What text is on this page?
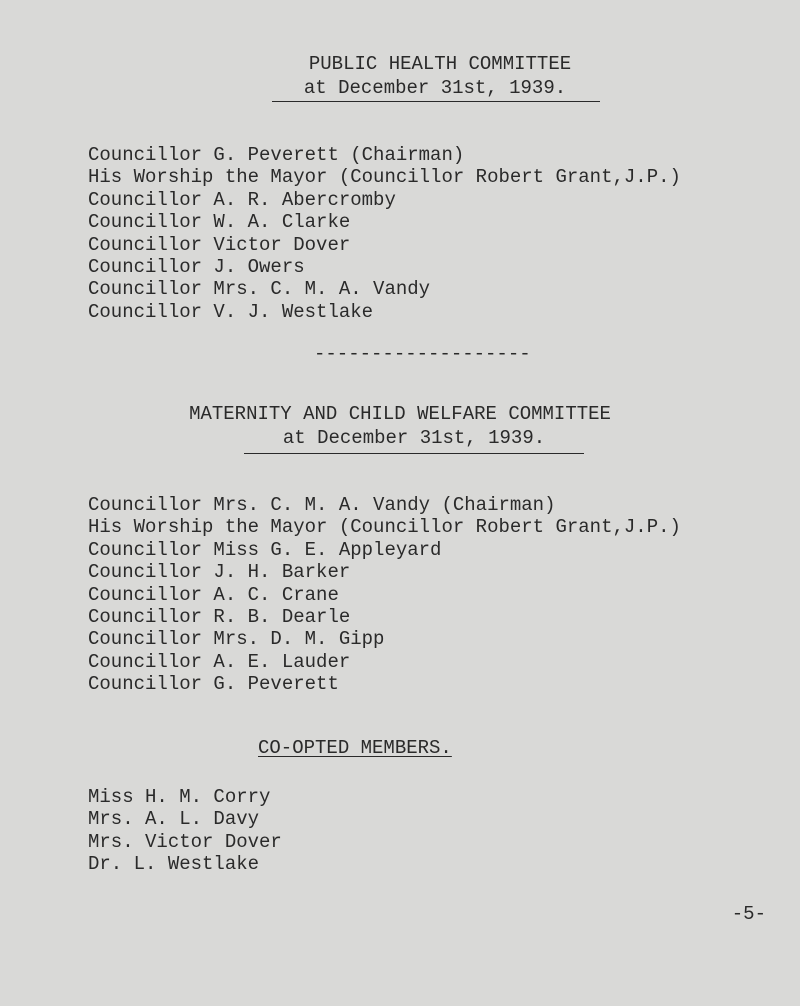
PUBLIC HEALTH COMMITTEE
at December 31st, 1939.
Councillor G. Peverett (Chairman)
His Worship the Mayor (Councillor Robert Grant,J.P.)
Councillor A. R. Abercromby
Councillor W. A. Clarke
Councillor Victor Dover
Councillor J. Owers
Councillor Mrs. C. M. A. Vandy
Councillor V. J. Westlake
-------------------
MATERNITY AND CHILD WELFARE COMMITTEE
at December 31st, 1939.
Councillor Mrs. C. M. A. Vandy (Chairman)
His Worship the Mayor (Councillor Robert Grant,J.P.)
Councillor Miss G. E. Appleyard
Councillor J. H. Barker
Councillor A. C. Crane
Councillor R. B. Dearle
Councillor Mrs. D. M. Gipp
Councillor A. E. Lauder
Councillor G. Peverett
CO-OPTED MEMBERS.
Miss H. M. Corry
Mrs. A. L. Davy
Mrs. Victor Dover
Dr. L. Westlake
-5-
